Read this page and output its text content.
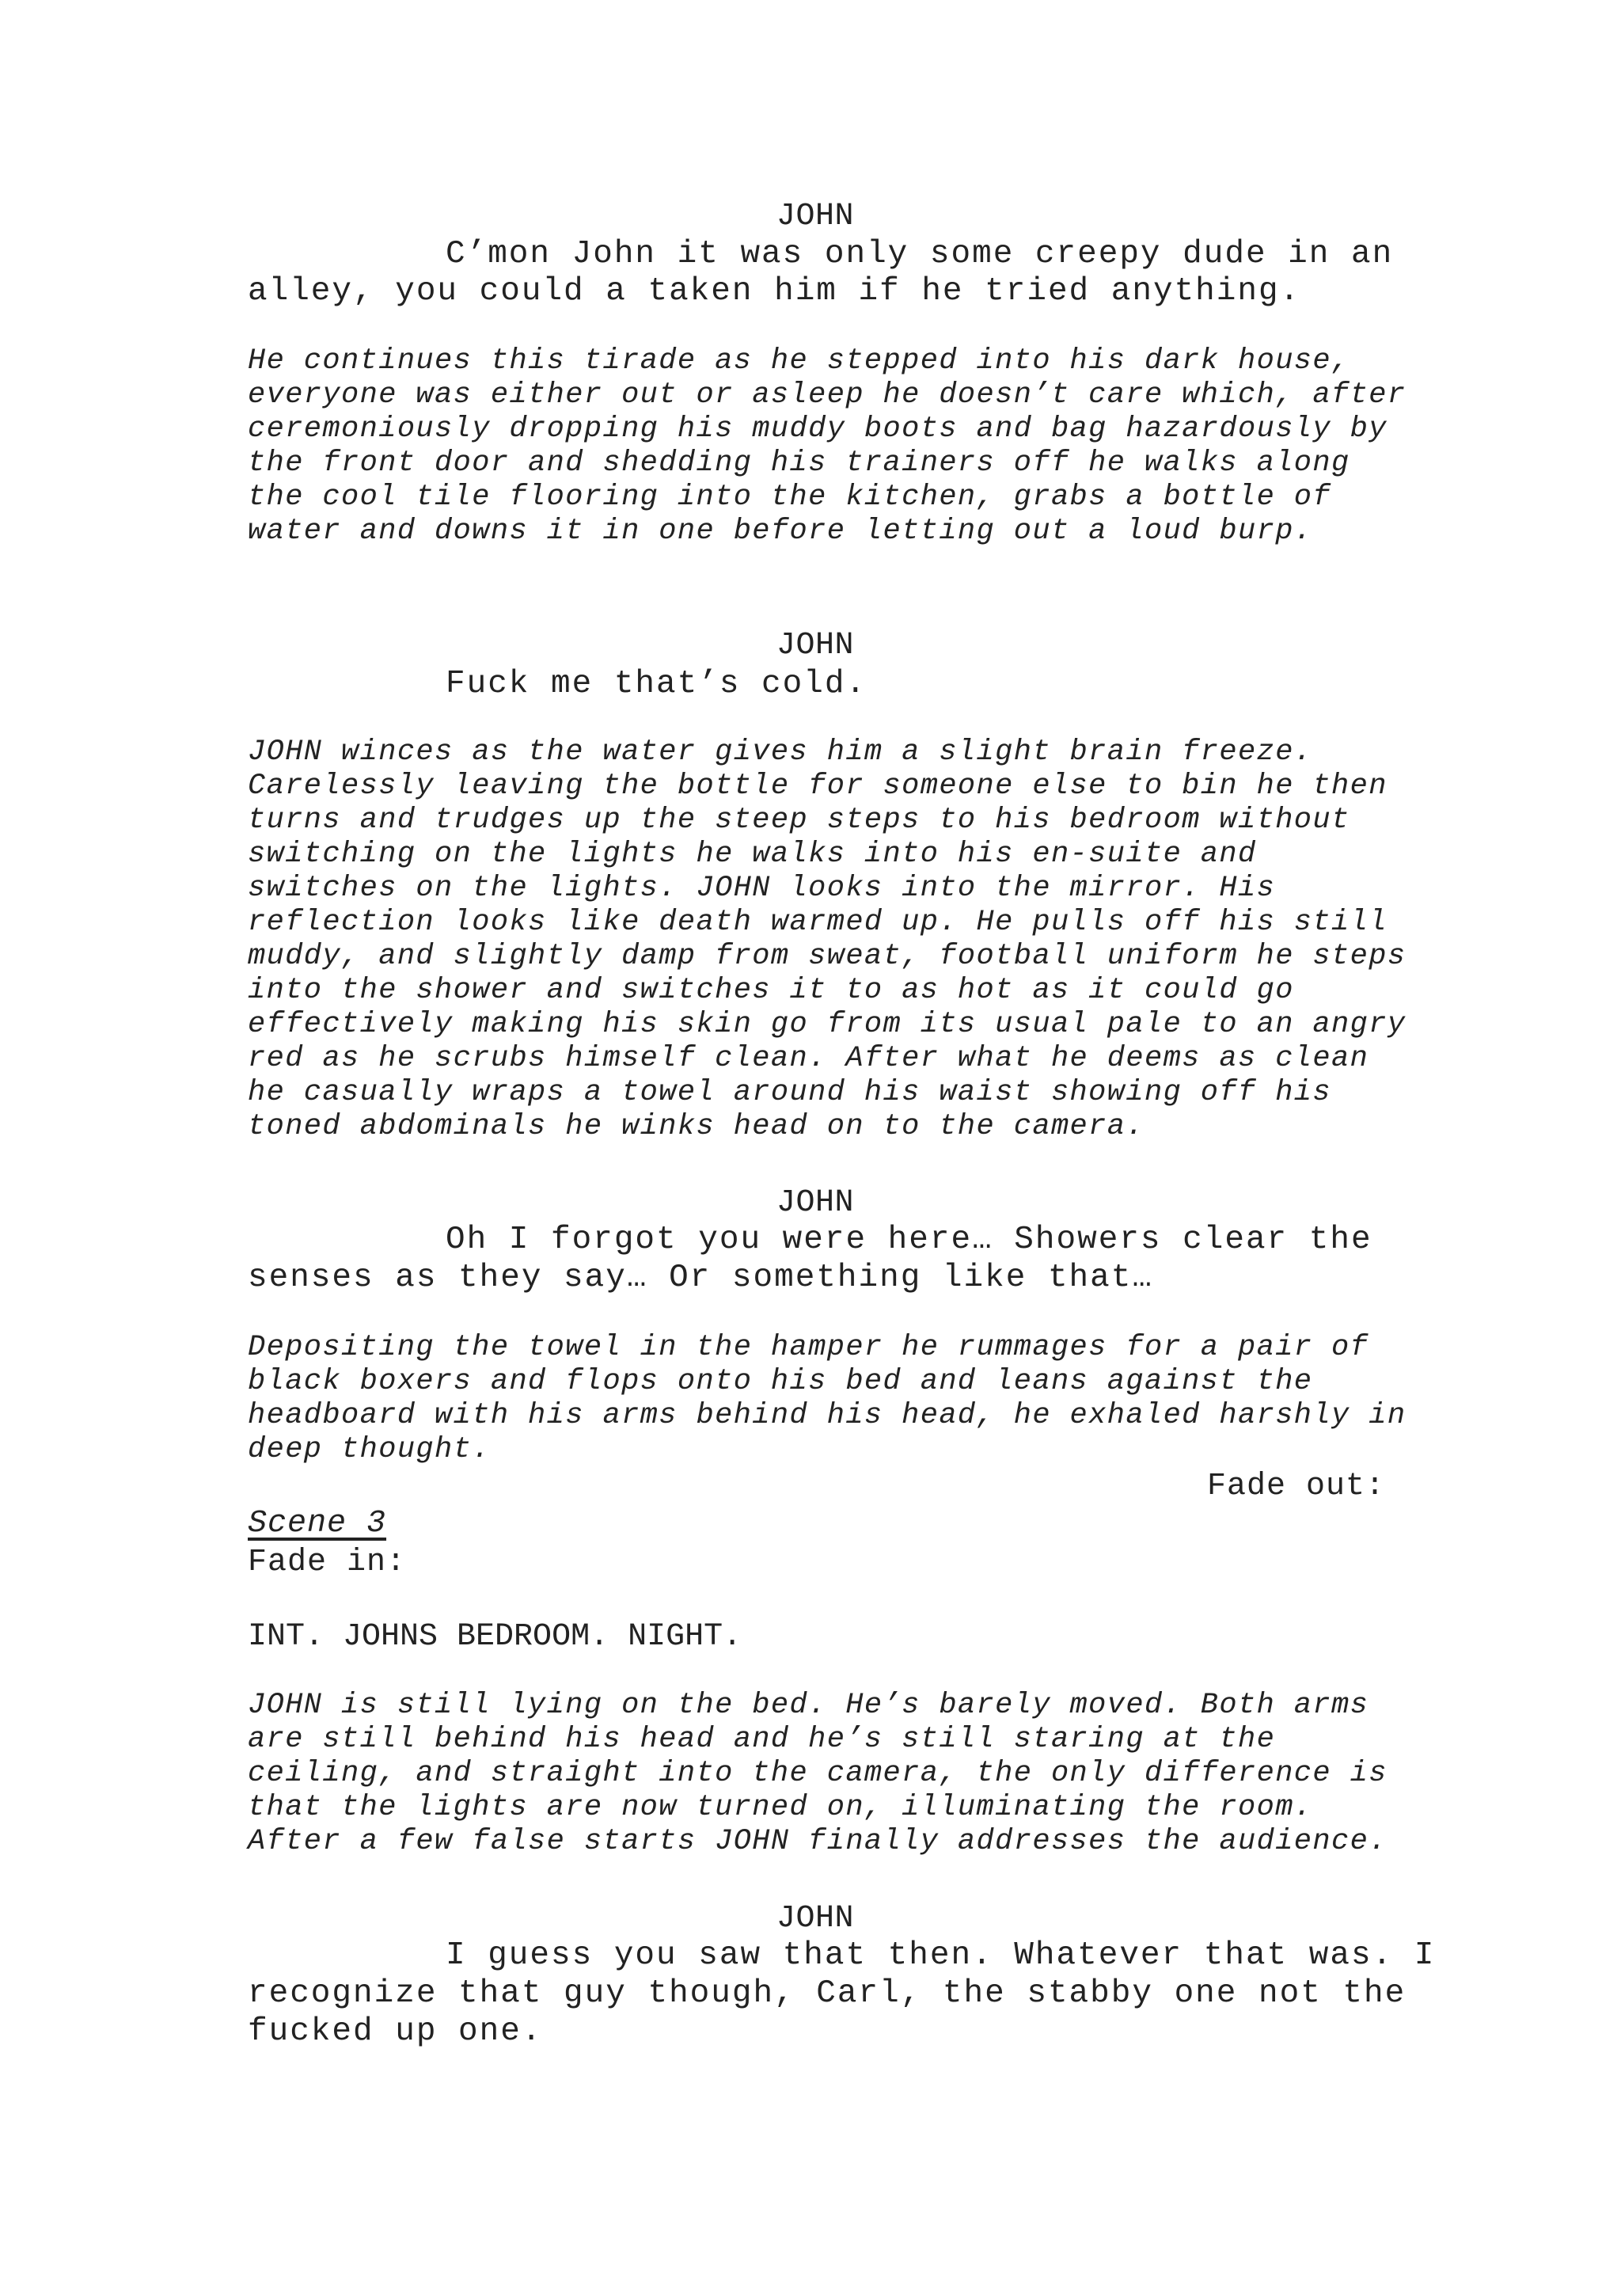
JOHN
C’mon John it was only some creepy dude in an
alley, you could a taken him if he tried anything.
He continues this tirade as he stepped into his dark house,
everyone was either out or asleep he doesn’t care which, after
ceremoniously dropping his muddy boots and bag hazardously by
the front door and shedding his trainers off he walks along
the cool tile flooring into the kitchen, grabs a bottle of
water and downs it in one before letting out a loud burp.
JOHN
Fuck me that’s cold.
JOHN winces as the water gives him a slight brain freeze.
Carelessly leaving the bottle for someone else to bin he then
turns and trudges up the steep steps to his bedroom without
switching on the lights he walks into his en-suite and
switches on the lights. JOHN looks into the mirror. His
reflection looks like death warmed up. He pulls off his still
muddy, and slightly damp from sweat, football uniform he steps
into the shower and switches it to as hot as it could go
effectively making his skin go from its usual pale to an angry
red as he scrubs himself clean. After what he deems as clean
he casually wraps a towel around his waist showing off his
toned abdominals he winks head on to the camera.
JOHN
Oh I forgot you were here… Showers clear the
senses as they say… Or something like that…
Depositing the towel in the hamper he rummages for a pair of
black boxers and flops onto his bed and leans against the
headboard with his arms behind his head, he exhaled harshly in
deep thought.
Fade out:
Scene 3
Fade in:
INT. JOHNS BEDROOM. NIGHT.
JOHN is still lying on the bed. He’s barely moved. Both arms
are still behind his head and he’s still staring at the
ceiling, and straight into the camera, the only difference is
that the lights are now turned on, illuminating the room.
After a few false starts JOHN finally addresses the audience.
JOHN
I guess you saw that then. Whatever that was. I
recognize that guy though, Carl, the stabby one not the
fucked up one.
